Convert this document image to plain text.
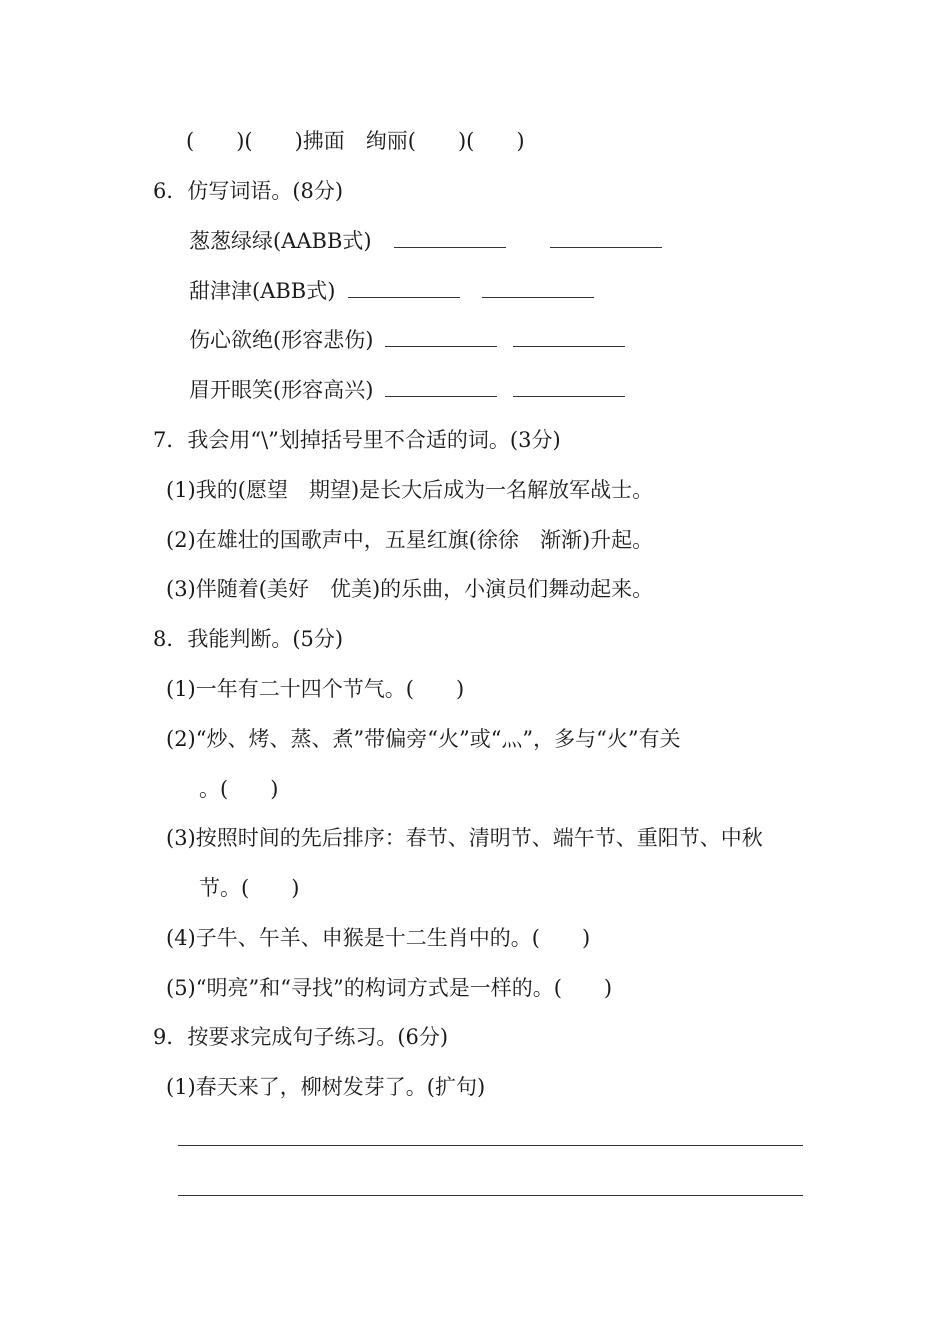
(　　)(　　)拂面　绚丽(　　)(　　)
6．仿写词语。(8分)
葱葱绿绿(AABB式)
甜津津(ABB式)
伤心欲绝(形容悲伤)
眉开眼笑(形容高兴)
7．我会用“\”划掉括号里不合适的词。(3分)
(1)我的(愿望　期望)是长大后成为一名解放军战士。
(2)在雄壮的国歌声中，五星红旗(徐徐　渐渐)升起。
(3)伴随着(美好　优美)的乐曲，小演员们舞动起来。
8．我能判断。(5分)
(1)一年有二十四个节气。(　　)
(2)“炒、烤、蒸、煮”带偏旁“火”或“灬”，多与“火”有关
。(　　)
(3)按照时间的先后排序：春节、清明节、端午节、重阳节、中秋
节。(　　)
(4)子牛、午羊、申猴是十二生肖中的。(　　)
(5)“明亮”和“寻找”的构词方式是一样的。(　　)
9．按要求完成句子练习。(6分)
(1)春天来了，柳树发芽了。(扩句)
